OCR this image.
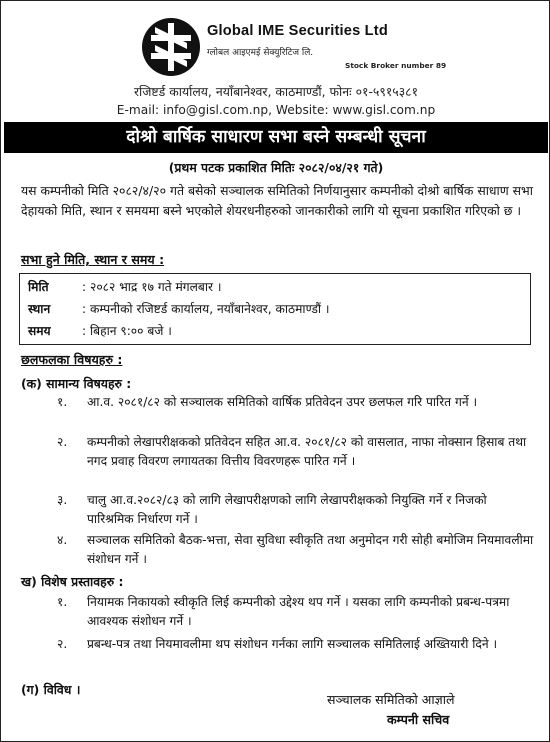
Global IME Securities Ltd
ग्लोबल आइएमई सेक्युरिटिज लि.
Stock Broker number 89
रजिष्टर्ड कार्यालय, नयाँबानेश्वर, काठमाण्डौं, फोनः ०१-५९१५३८१
E-mail: info@gisl.com.np, Website: www.gisl.com.np
दोश्रो बार्षिक साधारण सभा बस्ने सम्बन्धी सूचना
(प्रथम पटक प्रकाशित मितिः २०८२/०४/२१ गते)
यस कम्पनीको मिति २०८२/४/२० गते बसेको सञ्चालक समितिको निर्णयानुसार कम्पनीको दोश्रो बार्षिक साधाण सभा देहायको मिति, स्थान र समयमा बस्ने भएकोले शेयरधनीहरुको जानकारीको लागि यो सूचना प्रकाशित गरिएको छ ।
सभा हुने मिति, स्थान र समय :
मिति	: २०८२ भाद्र १७ गते मंगलबार ।
स्थान	: कम्पनीको रजिष्टर्ड कार्यालय, नयाँबानेश्वर, काठमाण्डौं ।
समय	: बिहान ९:०० बजे ।
छलफलका विषयहरु :
(क) सामान्य विषयहरु :
१.	आ.व. २०८१/८२ को सञ्चालक समितिको वार्षिक प्रतिवेदन उपर छलफल गरि पारित गर्ने ।
२.	कम्पनीको लेखापरीक्षकको प्रतिवेदन सहित आ.व. २०८१/८२ को वासलात, नाफा नोक्सान हिसाब तथा नगद प्रवाह विवरण लगायतका वित्तीय विवरणहरू पारित गर्ने ।
३.	चालु आ.व.२०८२/८३ को लागि लेखापरीक्षणको लागि लेखापरीक्षकको नियुक्ति गर्ने र निजको पारिश्रमिक निर्धारण गर्ने ।
४.	सञ्चालक समितिको बैठक-भत्ता, सेवा सुविधा स्वीकृति तथा अनुमोदन गरी सोही बमोजिम नियमावलीमा संशोधन गर्ने ।
ख) विशेष प्रस्तावहरु :
१.	नियामक निकायको स्वीकृति लिई कम्पनीको उद्देश्य थप गर्ने । यसका लागि कम्पनीको प्रबन्ध-पत्रमा आवश्यक संशोधन गर्ने ।
२.	प्रबन्ध-पत्र तथा नियमावलीमा थप संशोधन गर्नका लागि सञ्चालक समितिलाई अख्तियारी दिने ।
(ग) विविध ।
सञ्चालक समितिको आज्ञाले
कम्पनी सचिव
